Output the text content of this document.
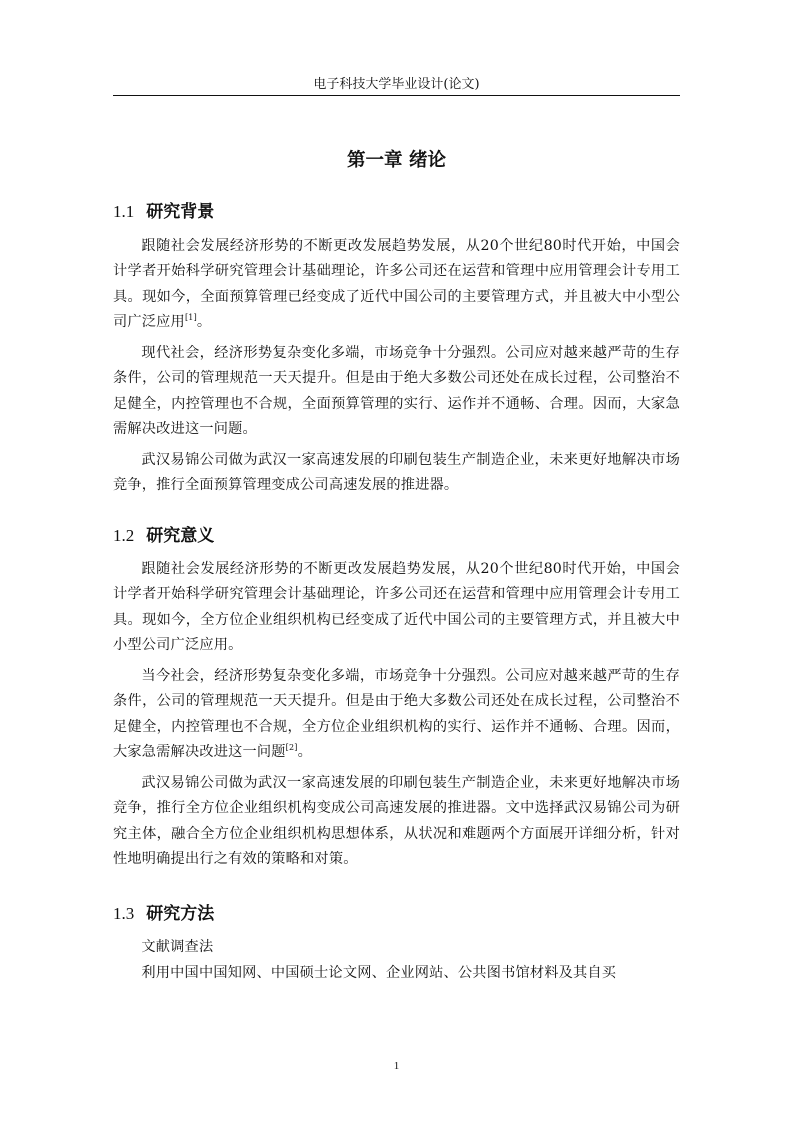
电子科技大学毕业设计(论文)
第一章 绪论
1.1 研究背景

跟随社会发展经济形势的不断更改发展趋势发展，从20个世纪80时代开始，中国会计学者开始科学研究管理会计基础理论，许多公司还在运营和管理中应用管理会计专用工具。现如今，全面预算管理已经变成了近代中国公司的主要管理方式，并且被大中小型公司广泛应用[1]。

现代社会，经济形势复杂变化多端，市场竞争十分强烈。公司应对越来越严苛的生存条件，公司的管理规范一天天提升。但是由于绝大多数公司还处在成长过程，公司整治不足健全，内控管理也不合规，全面预算管理的实行、运作并不通畅、合理。因而，大家急需解决改进这一问题。

武汉易锦公司做为武汉一家高速发展的印刷包装生产制造企业，未来更好地解决市场竞争，推行全面预算管理变成公司高速发展的推进器。

1.2 研究意义

跟随社会发展经济形势的不断更改发展趋势发展，从20个世纪80时代开始，中国会计学者开始科学研究管理会计基础理论，许多公司还在运营和管理中应用管理会计专用工具。现如今，全方位企业组织机构已经变成了近代中国公司的主要管理方式，并且被大中小型公司广泛应用。

当今社会，经济形势复杂变化多端，市场竞争十分强烈。公司应对越来越严苛的生存条件，公司的管理规范一天天提升。但是由于绝大多数公司还处在成长过程，公司整治不足健全，内控管理也不合规，全方位企业组织机构的实行、运作并不通畅、合理。因而，大家急需解决改进这一问题[2]。

武汉易锦公司做为武汉一家高速发展的印刷包装生产制造企业，未来更好地解决市场竞争，推行全方位企业组织机构变成公司高速发展的推进器。文中选择武汉易锦公司为研究主体，融合全方位企业组织机构思想体系，从状况和难题两个方面展开详细分析，针对性地明确提出行之有效的策略和对策。

1.3 研究方法

文献调查法

利用中国中国知网、中国硕士论文网、企业网站、公共图书馆材料及其自买

1
